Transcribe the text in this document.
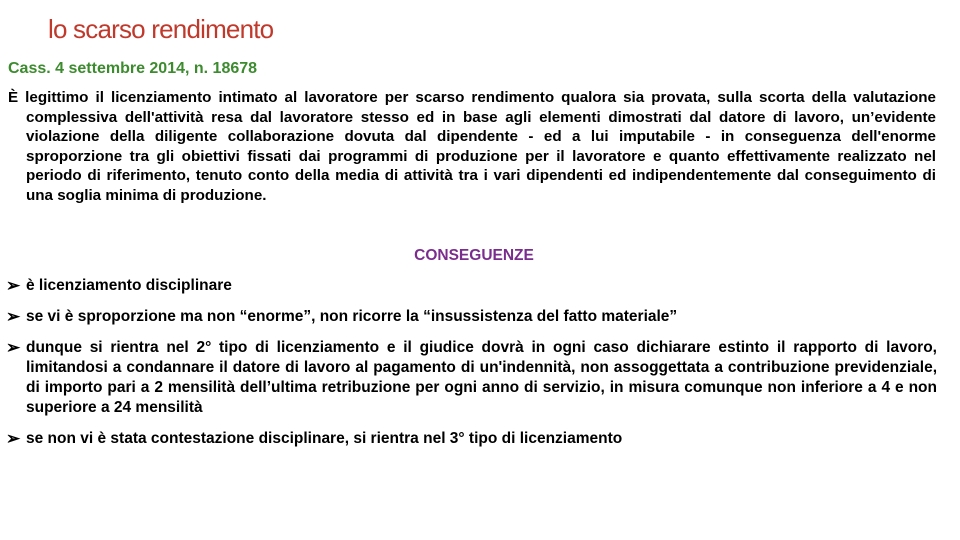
lo scarso rendimento

Cass. 4 settembre 2014, n. 18678

È legittimo il licenziamento intimato al lavoratore per scarso rendimento qualora sia provata, sulla scorta della valutazione complessiva dell'attività resa dal lavoratore stesso ed in base agli elementi dimostrati dal datore di lavoro, un’evidente violazione della diligente collaborazione dovuta dal dipendente - ed a lui imputabile - in conseguenza dell'enorme sproporzione tra gli obiettivi fissati dai programmi di produzione per il lavoratore e quanto effettivamente realizzato nel periodo di riferimento, tenuto conto della media di attività tra i vari dipendenti ed indipendentemente dal conseguimento di una soglia minima di produzione.

CONSEGUENZE

➢ è licenziamento disciplinare
➢ se vi è sproporzione ma non “enorme”, non ricorre la “insussistenza del fatto materiale”
➢ dunque si rientra nel 2° tipo di licenziamento e il giudice dovrà in ogni caso dichiarare estinto il rapporto di lavoro, limitandosi a condannare il datore di lavoro al pagamento di un'indennità, non assoggettata a contribuzione previdenziale, di importo pari a 2 mensilità dell’ultima retribuzione per ogni anno di servizio, in misura comunque non inferiore a 4 e non superiore a 24 mensilità
➢ se non vi è stata contestazione disciplinare, si rientra nel 3° tipo di licenziamento
